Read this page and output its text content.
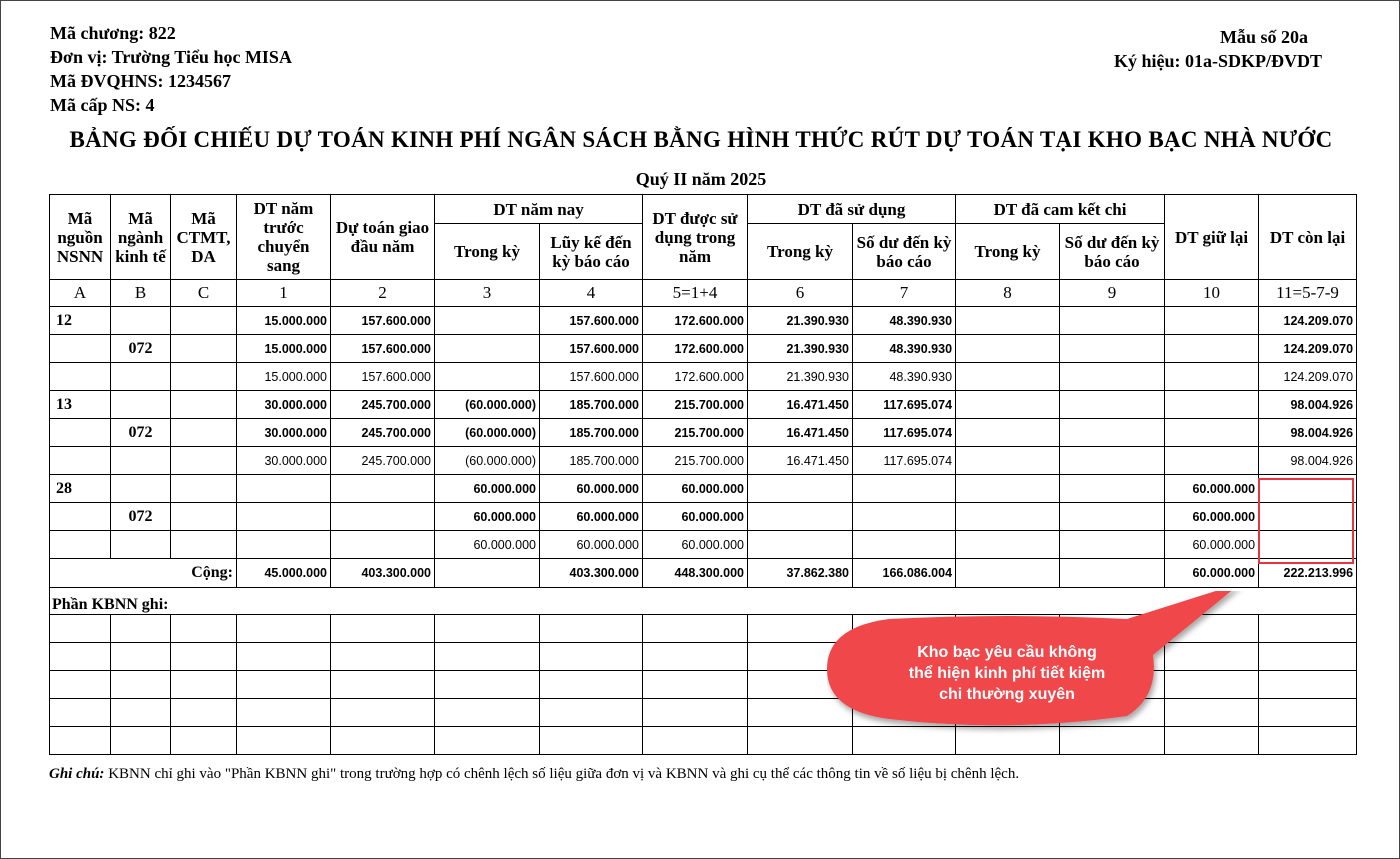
Mã chương: 822
Đơn vị: Trường Tiểu học MISA
Mã ĐVQHNS: 1234567
Mã cấp NS: 4
Mẫu số 20a
Ký hiệu: 01a-SDKP/ĐVDT
BẢNG ĐỐI CHIẾU DỰ TOÁN KINH PHÍ NGÂN SÁCH BẰNG HÌNH THỨC RÚT DỰ TOÁN TẠI KHO BẠC NHÀ NƯỚC
Quý II năm 2025
Mã nguồn NSNN	Mã ngành kinh tế	Mã CTMT, DA	DT năm trước chuyển sang	Dự toán giao đầu năm	DT năm nay		DT được sử dụng trong năm	DT đã sử dụng		DT đã cam kết chi		DT giữ lại	DT còn lại
					Trong kỳ	Lũy kế đến kỳ báo cáo		Trong kỳ	Số dư đến kỳ báo cáo	Trong kỳ	Số dư đến kỳ báo cáo		
A	B	C	1	2	3	4	5=1+4	6	7	8	9	10	11=5-7-9
12			15.000.000	157.600.000		157.600.000	172.600.000	21.390.930	48.390.930				124.209.070
	072		15.000.000	157.600.000		157.600.000	172.600.000	21.390.930	48.390.930				124.209.070
			15.000.000	157.600.000		157.600.000	172.600.000	21.390.930	48.390.930				124.209.070
13			30.000.000	245.700.000	(60.000.000)	185.700.000	215.700.000	16.471.450	117.695.074				98.004.926
	072		30.000.000	245.700.000	(60.000.000)	185.700.000	215.700.000	16.471.450	117.695.074				98.004.926
			30.000.000	245.700.000	(60.000.000)	185.700.000	215.700.000	16.471.450	117.695.074				98.004.926
28					60.000.000	60.000.000	60.000.000					60.000.000	
	072				60.000.000	60.000.000	60.000.000					60.000.000	
					60.000.000	60.000.000	60.000.000					60.000.000	
Cộng:			45.000.000	403.300.000		403.300.000	448.300.000	37.862.380	166.086.004			60.000.000	222.213.996
Phần KBNN ghi:													

Ghi chú: KBNN chỉ ghi vào "Phần KBNN ghi" trong trường hợp có chênh lệch số liệu giữa đơn vị và KBNN và ghi cụ thể các thông tin về số liệu bị chênh lệch.
Kho bạc yêu cầu không
thể hiện kinh phí tiết kiệm
chi thường xuyên
